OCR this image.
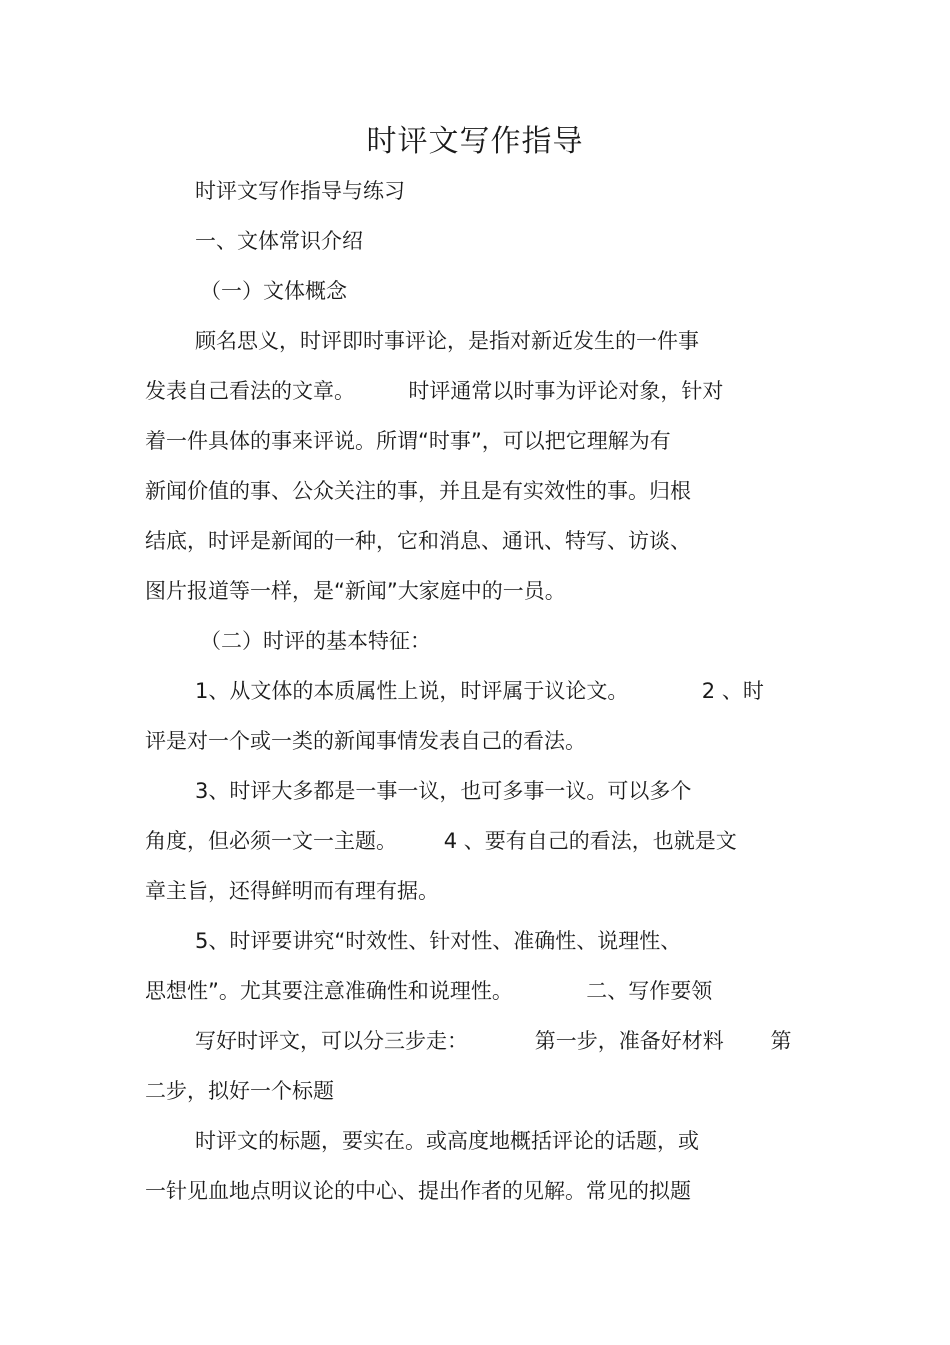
时评文写作指导
时评文写作指导与练习
一、文体常识介绍
（一）文体概念
顾名思义，时评即时事评论，是指对新近发生的一件事
发表自己看法的文章。        时评通常以时事为评论对象，针对
着一件具体的事来评说。所谓“时事”，可以把它理解为有
新闻价值的事、公众关注的事，并且是有实效性的事。归根
结底，时评是新闻的一种，它和消息、通讯、特写、访谈、
图片报道等一样，是“新闻”大家庭中的一员。
（二）时评的基本特征：
1、从文体的本质属性上说，时评属于议论文。           2 、时
评是对一个或一类的新闻事情发表自己的看法。
3、时评大多都是一事一议，也可多事一议。可以多个
角度，但必须一文一主题。       4 、要有自己的看法，也就是文
章主旨，还得鲜明而有理有据。
5、时评要讲究“时效性、针对性、准确性、说理性、
思想性”。尤其要注意准确性和说理性。           二、写作要领
写好时评文，可以分三步走：          第一步，准备好材料       第
二步，拟好一个标题
时评文的标题，要实在。或高度地概括评论的话题，或
一针见血地点明议论的中心、提出作者的见解。常见的拟题
